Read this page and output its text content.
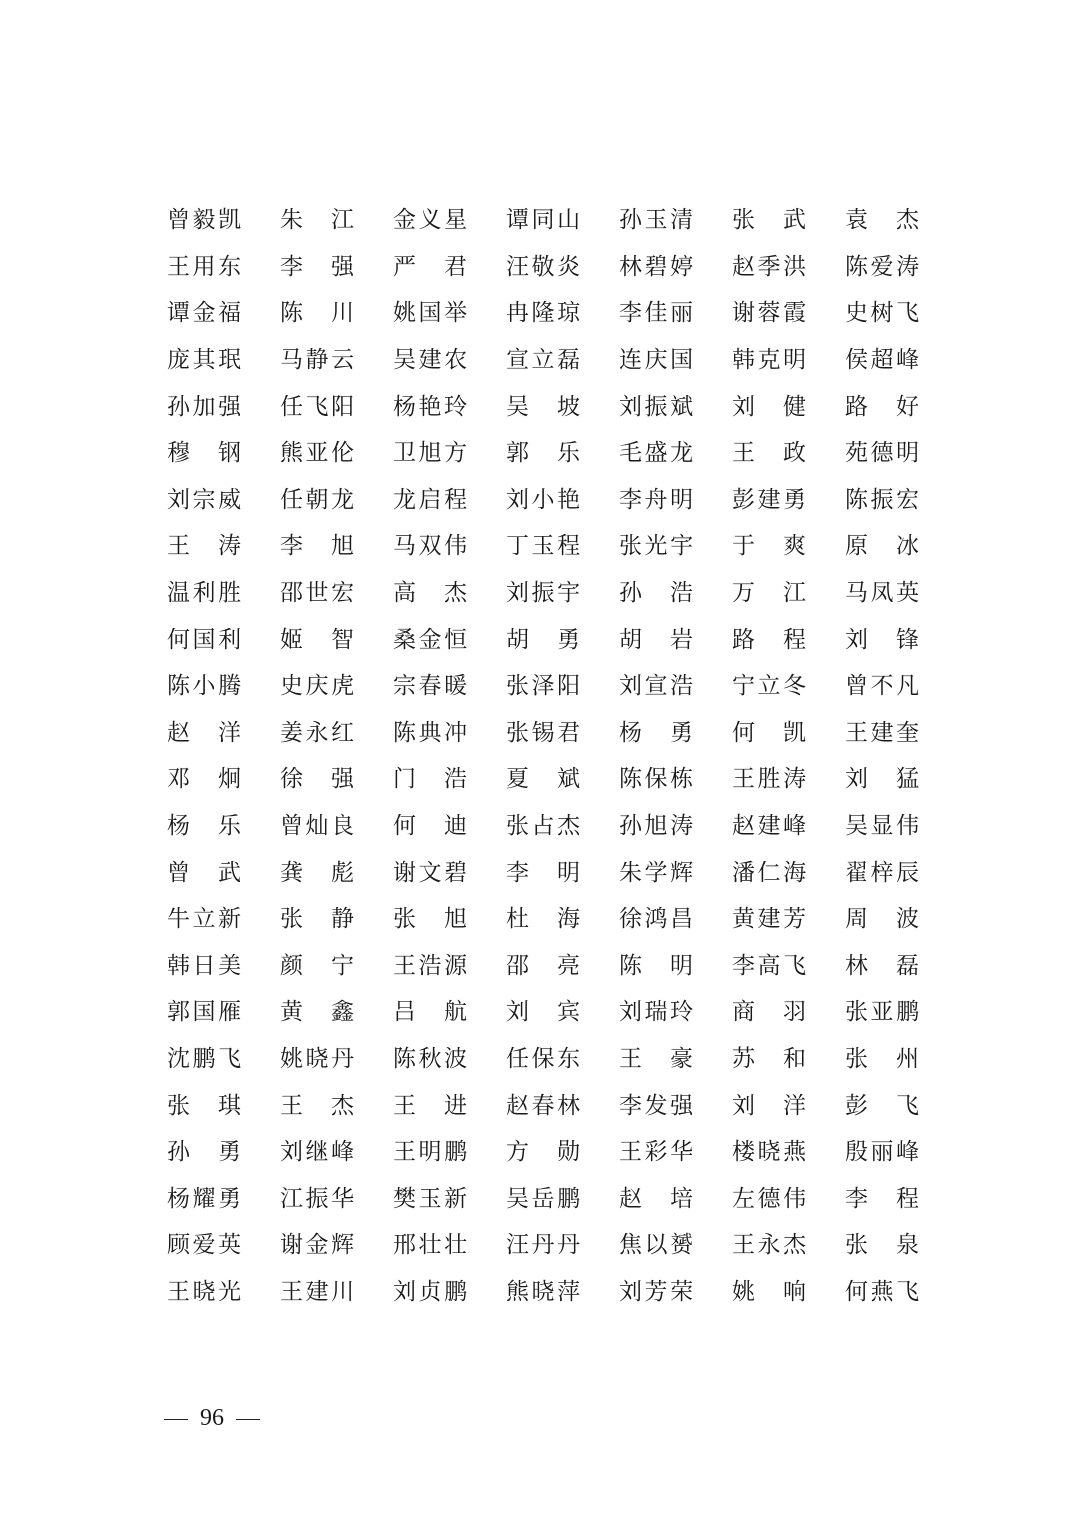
曾 毅 凯 朱 江 金 义 星 谭 同 山 孙 玉 清 张 武 袁 杰
王 用 东 李 强 严 君 汪 敬 炎 林 碧 婷 赵 季 洪 陈 爱 涛
谭 金 福 陈 川 姚 国 举 冉 隆 琼 李 佳 丽 谢 蓉 霞 史 树 飞
庞 其 珉 马 静 云 吴 建 农 宣 立 磊 连 庆 国 韩 克 明 侯 超 峰
孙 加 强 任 飞 阳 杨 艳 玲 吴 坡 刘 振 斌 刘 健 路 好
穆 钢 熊 亚 伦 卫 旭 方 郭 乐 毛 盛 龙 王 政 苑 德 明
刘 宗 威 任 朝 龙 龙 启 程 刘 小 艳 李 舟 明 彭 建 勇 陈 振 宏
王 涛 李 旭 马 双 伟 丁 玉 程 张 光 宇 于 爽 原 冰
温 利 胜 邵 世 宏 高 杰 刘 振 宇 孙 浩 万 江 马 凤 英
何 国 利 姬 智 桑 金 恒 胡 勇 胡 岩 路 程 刘 锋
陈 小 腾 史 庆 虎 宗 春 暖 张 泽 阳 刘 宣 浩 宁 立 冬 曾 不 凡
赵 洋 姜 永 红 陈 典 冲 张 锡 君 杨 勇 何 凯 王 建 奎
邓 炯 徐 强 门 浩 夏 斌 陈 保 栋 王 胜 涛 刘 猛
杨 乐 曾 灿 良 何 迪 张 占 杰 孙 旭 涛 赵 建 峰 吴 显 伟
曾 武 龚 彪 谢 文 碧 李 明 朱 学 辉 潘 仁 海 翟 梓 辰
牛 立 新 张 静 张 旭 杜 海 徐 鸿 昌 黄 建 芳 周 波
韩 日 美 颜 宁 王 浩 源 邵 亮 陈 明 李 高 飞 林 磊
郭 国 雁 黄 鑫 吕 航 刘 宾 刘 瑞 玲 商 羽 张 亚 鹏
沈 鹏 飞 姚 晓 丹 陈 秋 波 任 保 东 王 豪 苏 和 张 州
张 琪 王 杰 王 进 赵 春 林 李 发 强 刘 洋 彭 飞
孙 勇 刘 继 峰 王 明 鹏 方 勋 王 彩 华 楼 晓 燕 殷 丽 峰
杨 耀 勇 江 振 华 樊 玉 新 吴 岳 鹏 赵 培 左 德 伟 李 程
顾 爱 英 谢 金 辉 邢 壮 壮 汪 丹 丹 焦 以 赟 王 永 杰 张 泉
王 晓 光 王 建 川 刘 贞 鹏 熊 晓 萍 刘 芳 荣 姚 响 何 燕 飞
96
